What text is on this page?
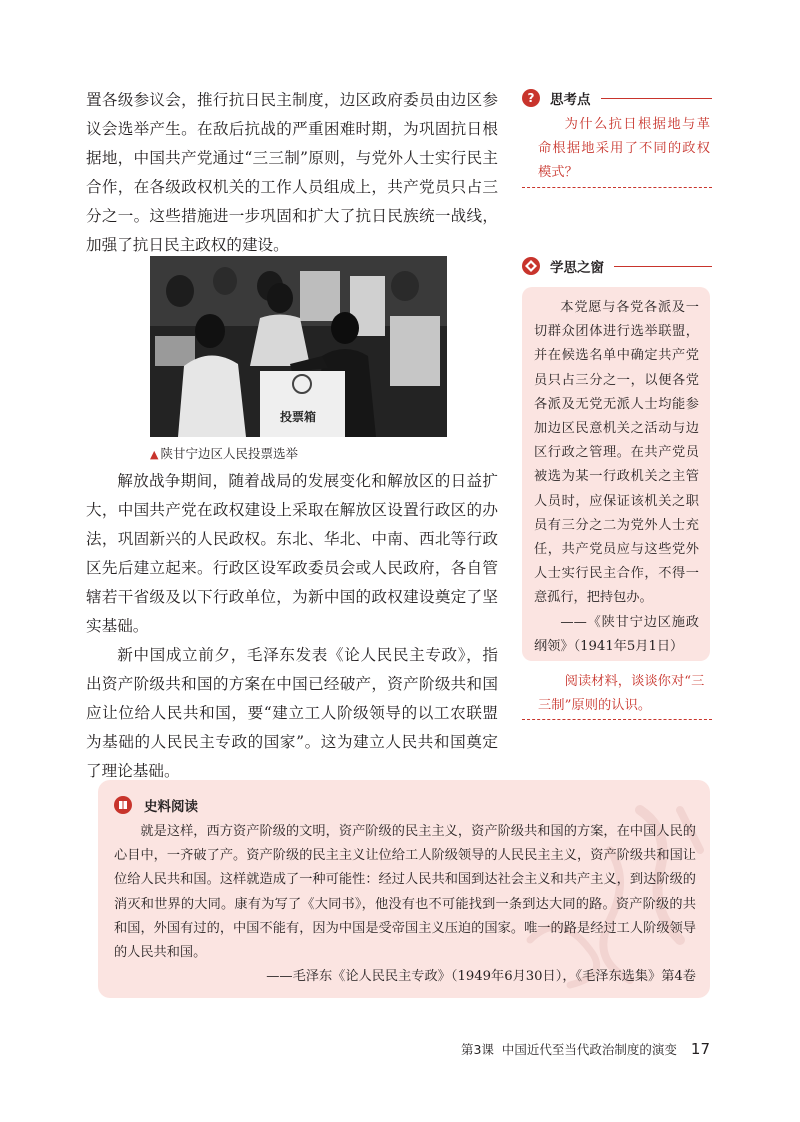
置各级参议会，推行抗日民主制度，边区政府委员由边区参议会选举产生。在敌后抗战的严重困难时期，为巩固抗日根据地，中国共产党通过“三三制”原则，与党外人士实行民主合作，在各级政权机关的工作人员组成上，共产党员只占三分之一。这些措施进一步巩固和扩大了抗日民族统一战线，加强了抗日民主政权的建设。

投票箱
▲ 陕甘宁边区人民投票选举

解放战争期间，随着战局的发展变化和解放区的日益扩大，中国共产党在政权建设上采取在解放区设置行政区的办法，巩固新兴的人民政权。东北、华北、中南、西北等行政区先后建立起来。行政区设军政委员会或人民政府，各自管辖若干省级及以下行政单位，为新中国的政权建设奠定了坚实基础。

新中国成立前夕，毛泽东发表《论人民民主专政》，指出资产阶级共和国的方案在中国已经破产，资产阶级共和国应让位给人民共和国，要“建立工人阶级领导的以工农联盟为基础的人民民主专政的国家”。这为建立人民共和国奠定了理论基础。

?	思考点
为什么抗日根据地与革命根据地采用了不同的政权模式？
学思之窗
本党愿与各党各派及一切群众团体进行选举联盟，并在候选名单中确定共产党员只占三分之一，以便各党各派及无党无派人士均能参加边区民意机关之活动与边区行政之管理。在共产党员被选为某一行政机关之主管人员时，应保证该机关之职员有三分之二为党外人士充任，共产党员应与这些党外人士实行民主合作，不得一意孤行，把持包办。
——《陕甘宁边区施政纲领》（1941年5月1日）
阅读材料，谈谈你对“三三制”原则的认识。
史料阅读
就是这样，西方资产阶级的文明，资产阶级的民主主义，资产阶级共和国的方案，在中国人民的心目中，一齐破了产。资产阶级的民主主义让位给工人阶级领导的人民民主主义，资产阶级共和国让位给人民共和国。这样就造成了一种可能性：经过人民共和国到达社会主义和共产主义，到达阶级的消灭和世界的大同。康有为写了《大同书》，他没有也不可能找到一条到达大同的路。资产阶级的共和国，外国有过的，中国不能有，因为中国是受帝国主义压迫的国家。唯一的路是经过工人阶级领导的人民共和国。
——毛泽东《论人民民主专政》（1949年6月30日），《毛泽东选集》第4卷
第3课 中国近代至当代政治制度的演变 17
